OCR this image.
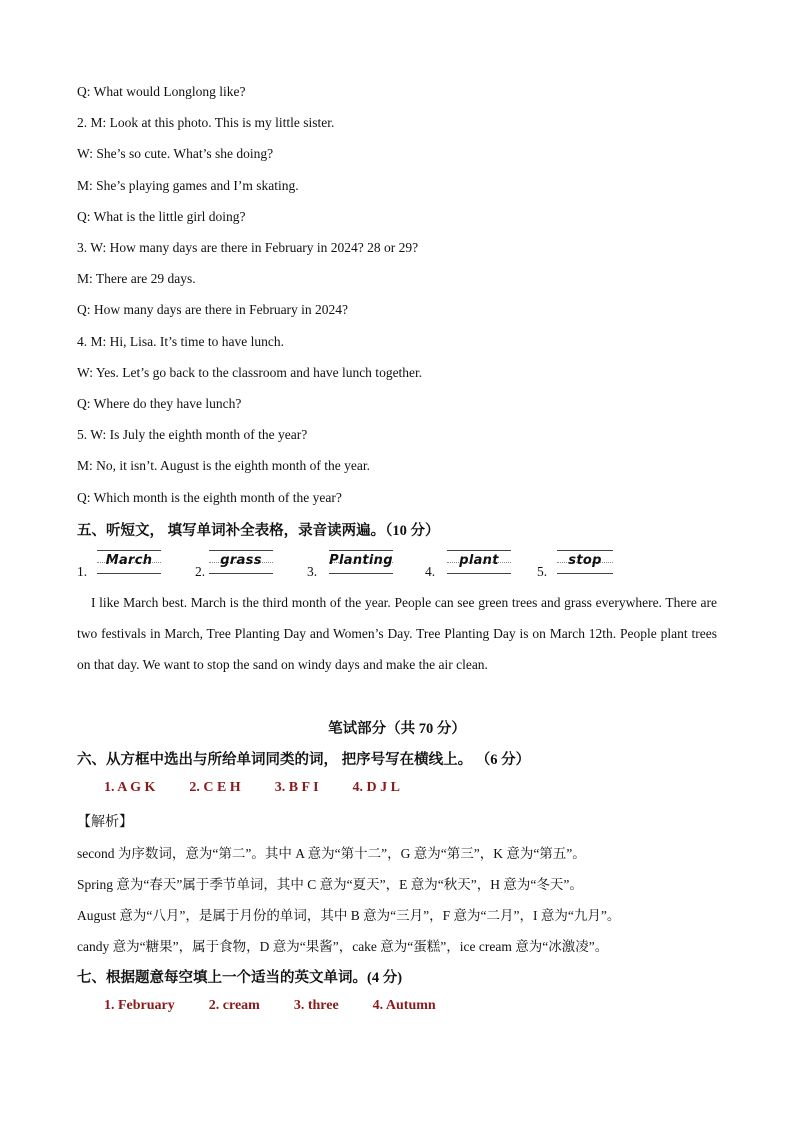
Q: What would Longlong like?
2. M: Look at this photo. This is my little sister.
W: She’s so cute. What’s she doing?
M: She’s playing games and I’m skating.
Q: What is the little girl doing?
3. W: How many days are there in February in 2024? 28 or 29?
M: There are 29 days.
Q: How many days are there in February in 2024?
4. M: Hi, Lisa. It’s time to have lunch.
W: Yes. Let’s go back to the classroom and have lunch together.
Q: Where do they have lunch?
5. W: Is July the eighth month of the year?
M: No, it isn’t. August is the eighth month of the year.
Q: Which month is the eighth month of the year?
五、听短文， 填写单词补全表格，录音读两遍。（10 分）
1.
March
2.
grass
3.
Planting
4.
plant
5.
stop
I like March best. March is the third month of the year. People can see green trees and grass everywhere. There are two festivals in March, Tree Planting Day and Women’s Day. Tree Planting Day is on March 12th. People plant trees on that day. We want to stop the sand on windy days and make the air clean.
笔试部分（共 70 分）
六、从方框中选出与所给单词同类的词， 把序号写在横线上。 （6 分）
1. A G K 2. C E H 3. B F I 4. D J L
【解析】
second 为序数词，意为“第二”。其中 A 意为“第十二”，G 意为“第三”，K 意为“第五”。
Spring 意为“春天”属于季节单词，其中 C 意为“夏天”，E 意为“秋天”，H 意为“冬天”。
August 意为“八月”，是属于月份的单词，其中 B 意为“三月”，F 意为“二月”，I 意为“九月”。
candy 意为“糖果”，属于食物，D 意为“果酱”，cake 意为“蛋糕”，ice cream 意为“冰激凌”。
七、根据题意每空填上一个适当的英文单词。(4 分)
1. February 2. cream 3. three 4. Autumn
